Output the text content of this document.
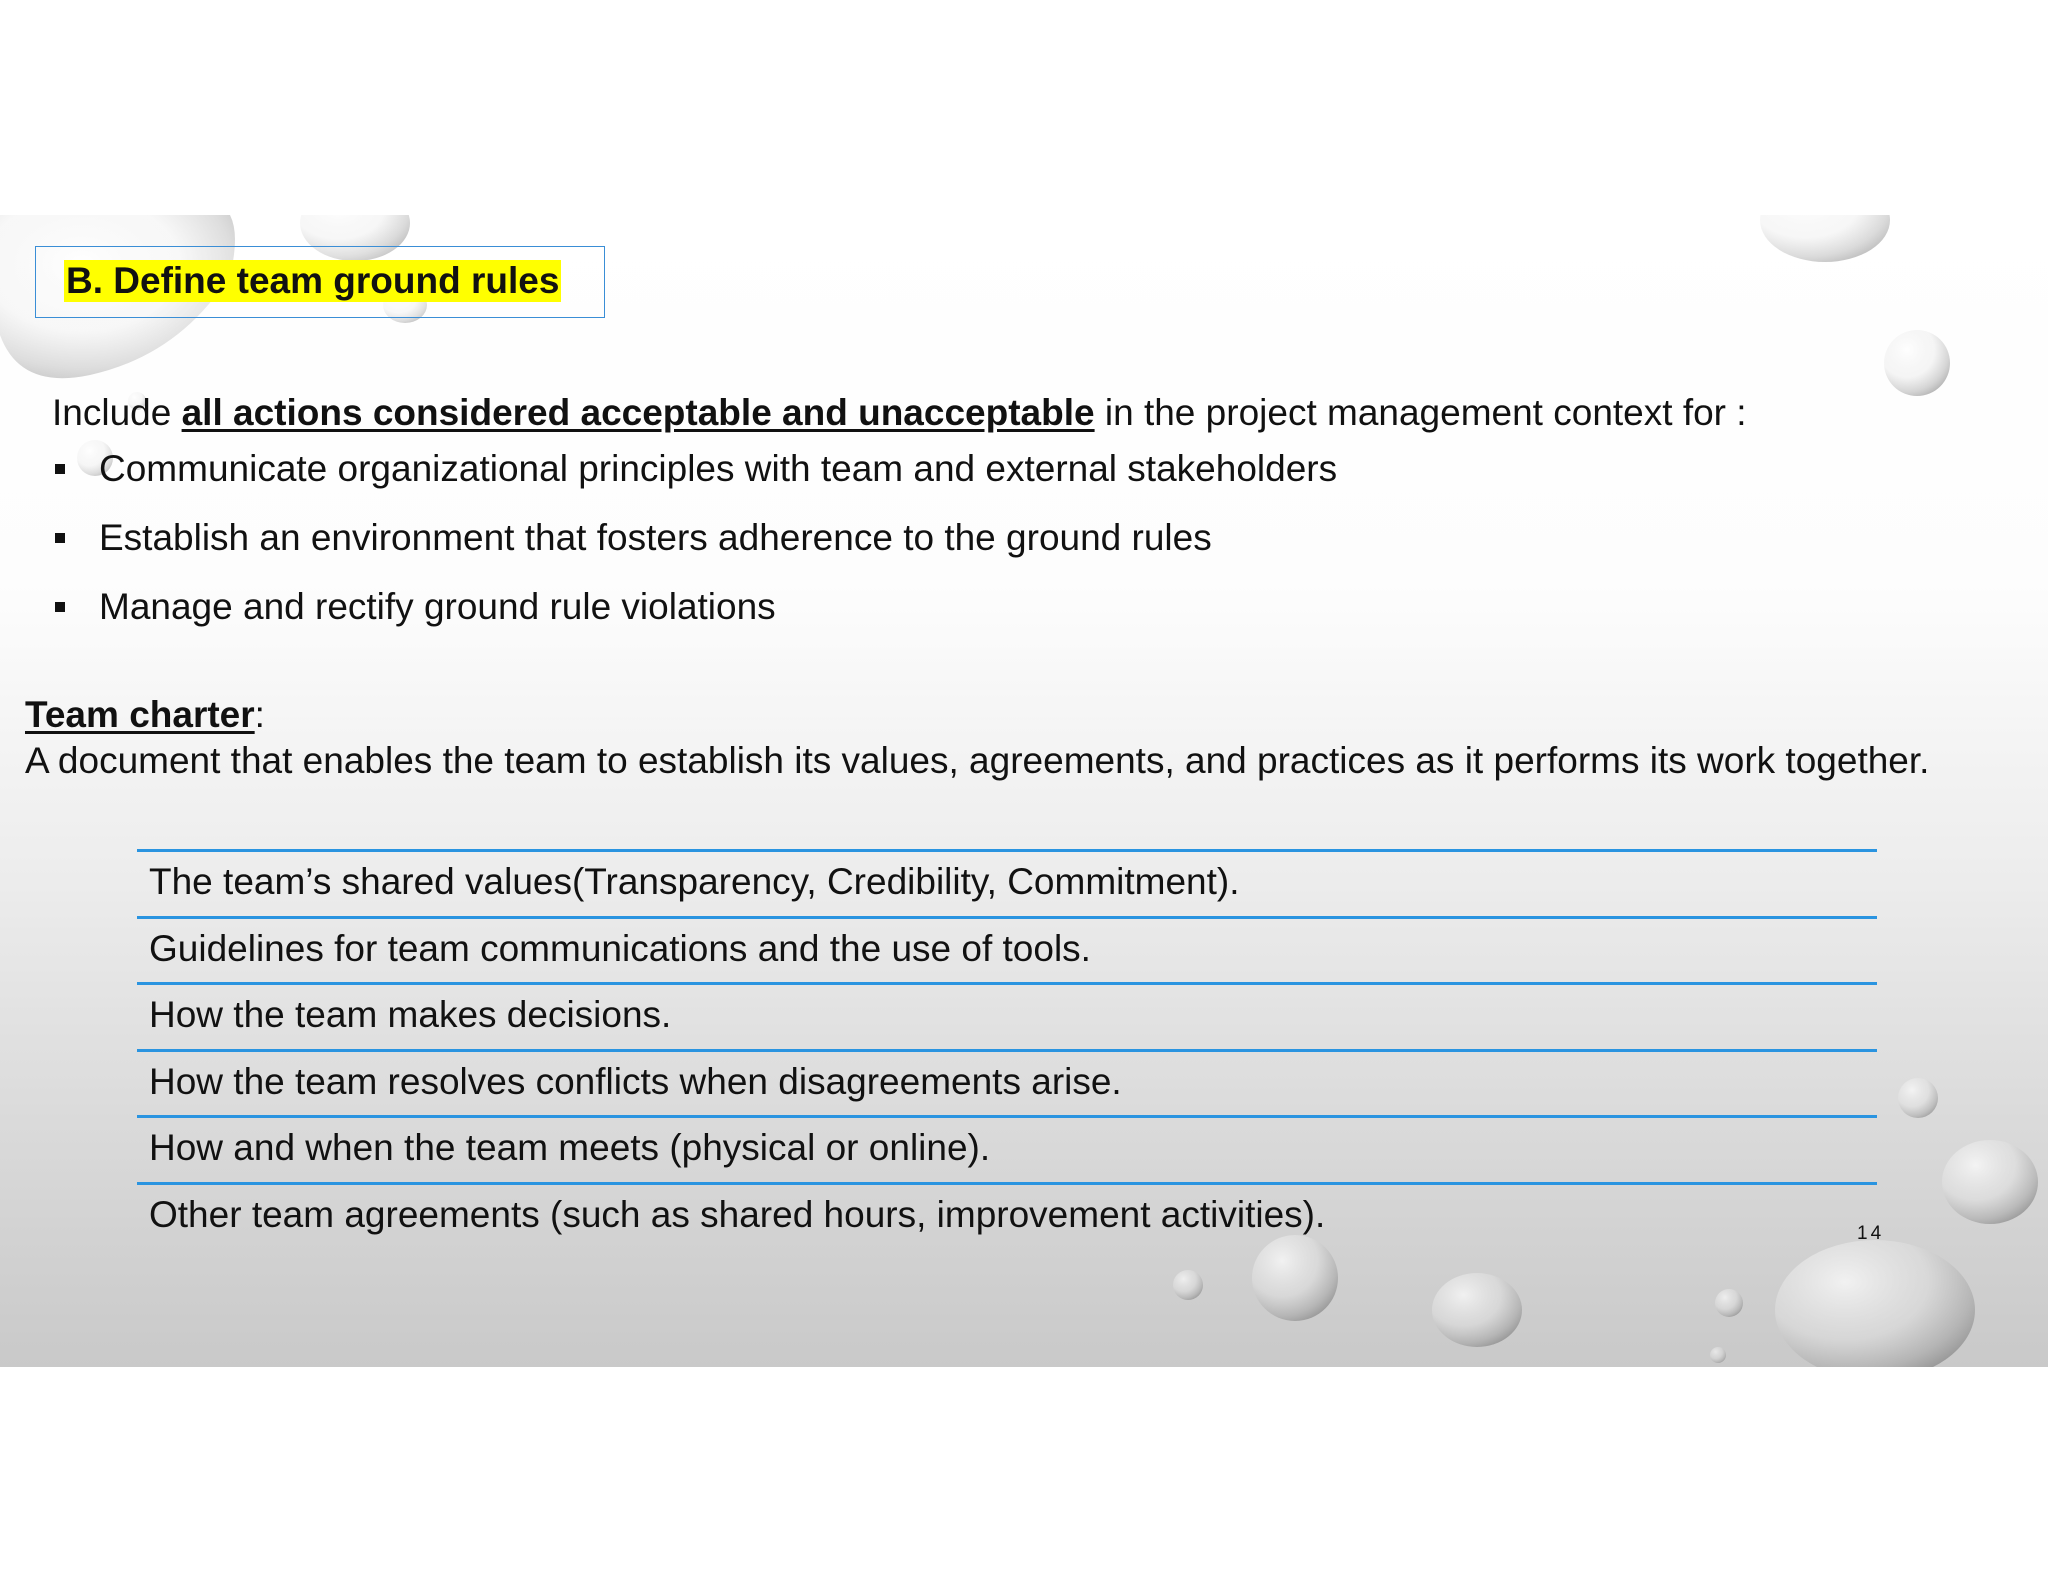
B. Define team ground rules
Include all actions considered acceptable and unacceptable in the project management context for :
Communicate organizational principles with team and external stakeholders
Establish an environment that fosters adherence to the ground rules
Manage and rectify ground rule violations
Team charter:
A document that enables the team to establish its values, agreements, and practices as it performs its work together.
The team’s shared values(Transparency, Credibility, Commitment).
Guidelines for team communications and the use of tools.
How the team makes decisions.
How the team resolves conflicts when disagreements arise.
How and when the team meets (physical or online).
Other team agreements (such as shared hours, improvement activities).	14
